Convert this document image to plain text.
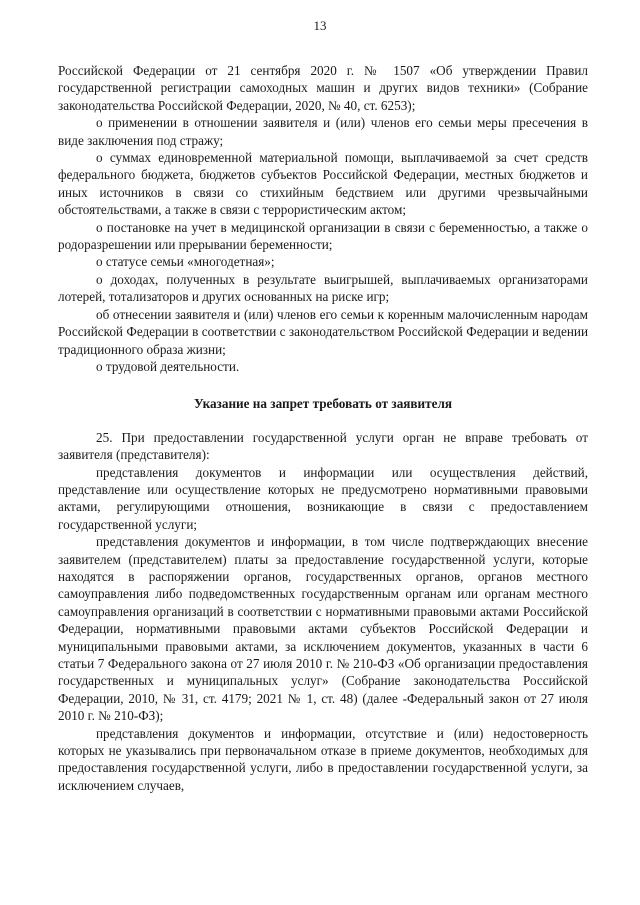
13

Российской Федерации от 21 сентября 2020 г. № 1507 «Об утверждении Правил государственной регистрации самоходных машин и других видов техники» (Собрание законодательства Российской Федерации, 2020, № 40, ст. 6253);

о применении в отношении заявителя и (или) членов его семьи меры пресечения в виде заключения под стражу;

о суммах единовременной материальной помощи, выплачиваемой за счет средств федерального бюджета, бюджетов субъектов Российской Федерации, местных бюджетов и иных источников в связи со стихийным бедствием или другими чрезвычайными обстоятельствами, а также в связи с террористическим актом;

о постановке на учет в медицинской организации в связи с беременностью, а также о родоразрешении или прерывании беременности;

о статусе семьи «многодетная»;

о доходах, полученных в результате выигрышей, выплачиваемых организаторами лотерей, тотализаторов и других основанных на риске игр;

об отнесении заявителя и (или) членов его семьи к коренным малочисленным народам Российской Федерации в соответствии с законодательством Российской Федерации и ведении традиционного образа жизни;

о трудовой деятельности.

Указание на запрет требовать от заявителя

25. При предоставлении государственной услуги орган не вправе требовать от заявителя (представителя):

представления документов и информации или осуществления действий, представление или осуществление которых не предусмотрено нормативными правовыми актами, регулирующими отношения, возникающие в связи с предоставлением государственной услуги;

представления документов и информации, в том числе подтверждающих внесение заявителем (представителем) платы за предоставление государственной услуги, которые находятся в распоряжении органов, государственных органов, органов местного самоуправления либо подведомственных государственным органам или органам местного самоуправления организаций в соответствии с нормативными правовыми актами Российской Федерации, нормативными правовыми актами субъектов Российской Федерации и муниципальными правовыми актами, за исключением документов, указанных в части 6 статьи 7 Федерального закона от 27 июля 2010 г. № 210-ФЗ «Об организации предоставления государственных и муниципальных услуг» (Собрание законодательства Российской Федерации, 2010, № 31, ст. 4179; 2021 № 1, ст. 48) (далее -Федеральный закон от 27 июля 2010 г. № 210-ФЗ);

представления документов и информации, отсутствие и (или) недостоверность которых не указывались при первоначальном отказе в приеме документов, необходимых для предоставления государственной услуги, либо в предоставлении государственной услуги, за исключением случаев,
